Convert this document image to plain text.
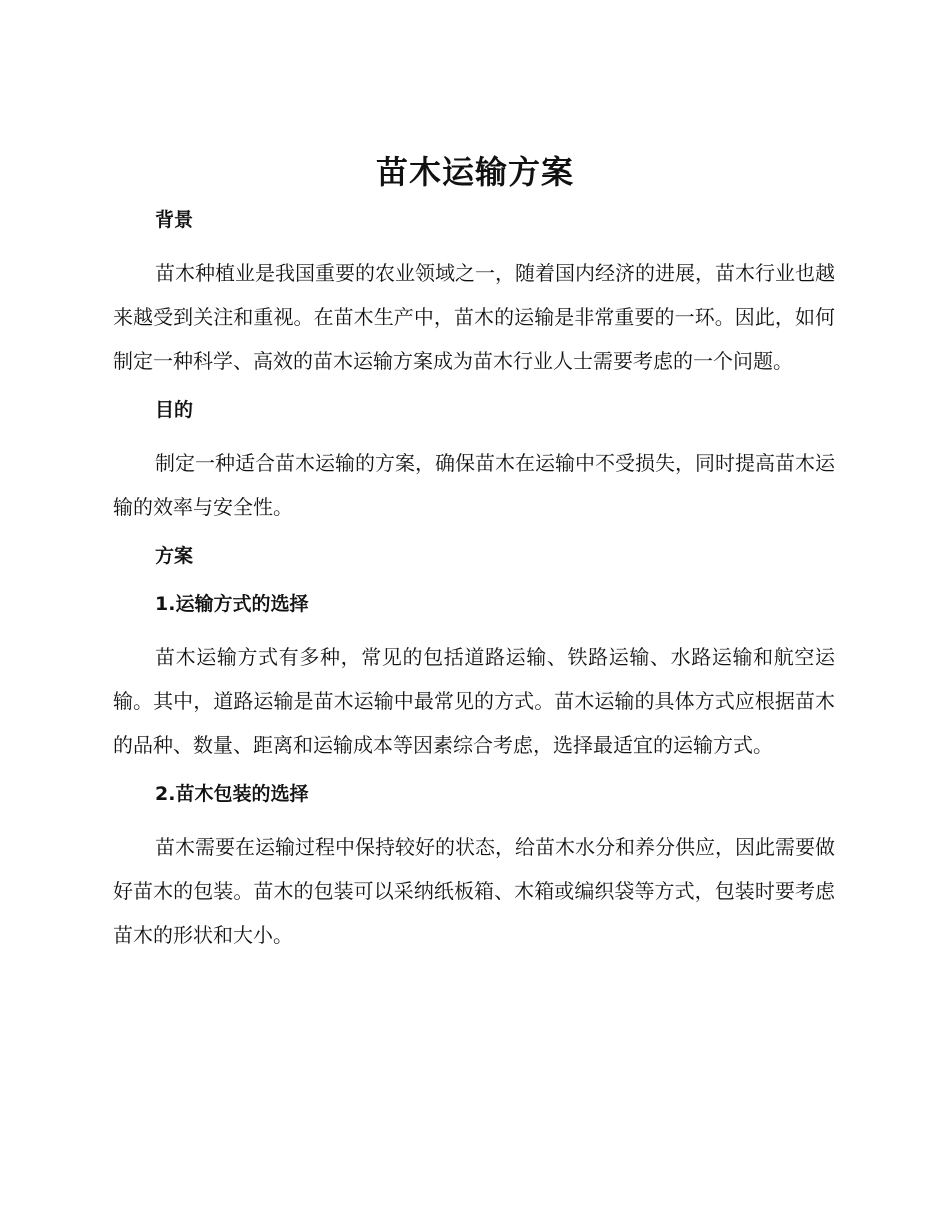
苗木运输方案
背景

苗木种植业是我国重要的农业领域之一，随着国内经济的进展，苗木行业也越来越受到关注和重视。在苗木生产中，苗木的运输是非常重要的一环。因此，如何制定一种科学、高效的苗木运输方案成为苗木行业人士需要考虑的一个问题。

目的

制定一种适合苗木运输的方案，确保苗木在运输中不受损失，同时提高苗木运输的效率与安全性。

方案
1.运输方式的选择

苗木运输方式有多种，常见的包括道路运输、铁路运输、水路运输和航空运输。其中，道路运输是苗木运输中最常见的方式。苗木运输的具体方式应根据苗木的品种、数量、距离和运输成本等因素综合考虑，选择最适宜的运输方式。

2.苗木包装的选择

苗木需要在运输过程中保持较好的状态，给苗木水分和养分供应，因此需要做好苗木的包装。苗木的包装可以采纳纸板箱、木箱或编织袋等方式，包装时要考虑苗木的形状和大小。
